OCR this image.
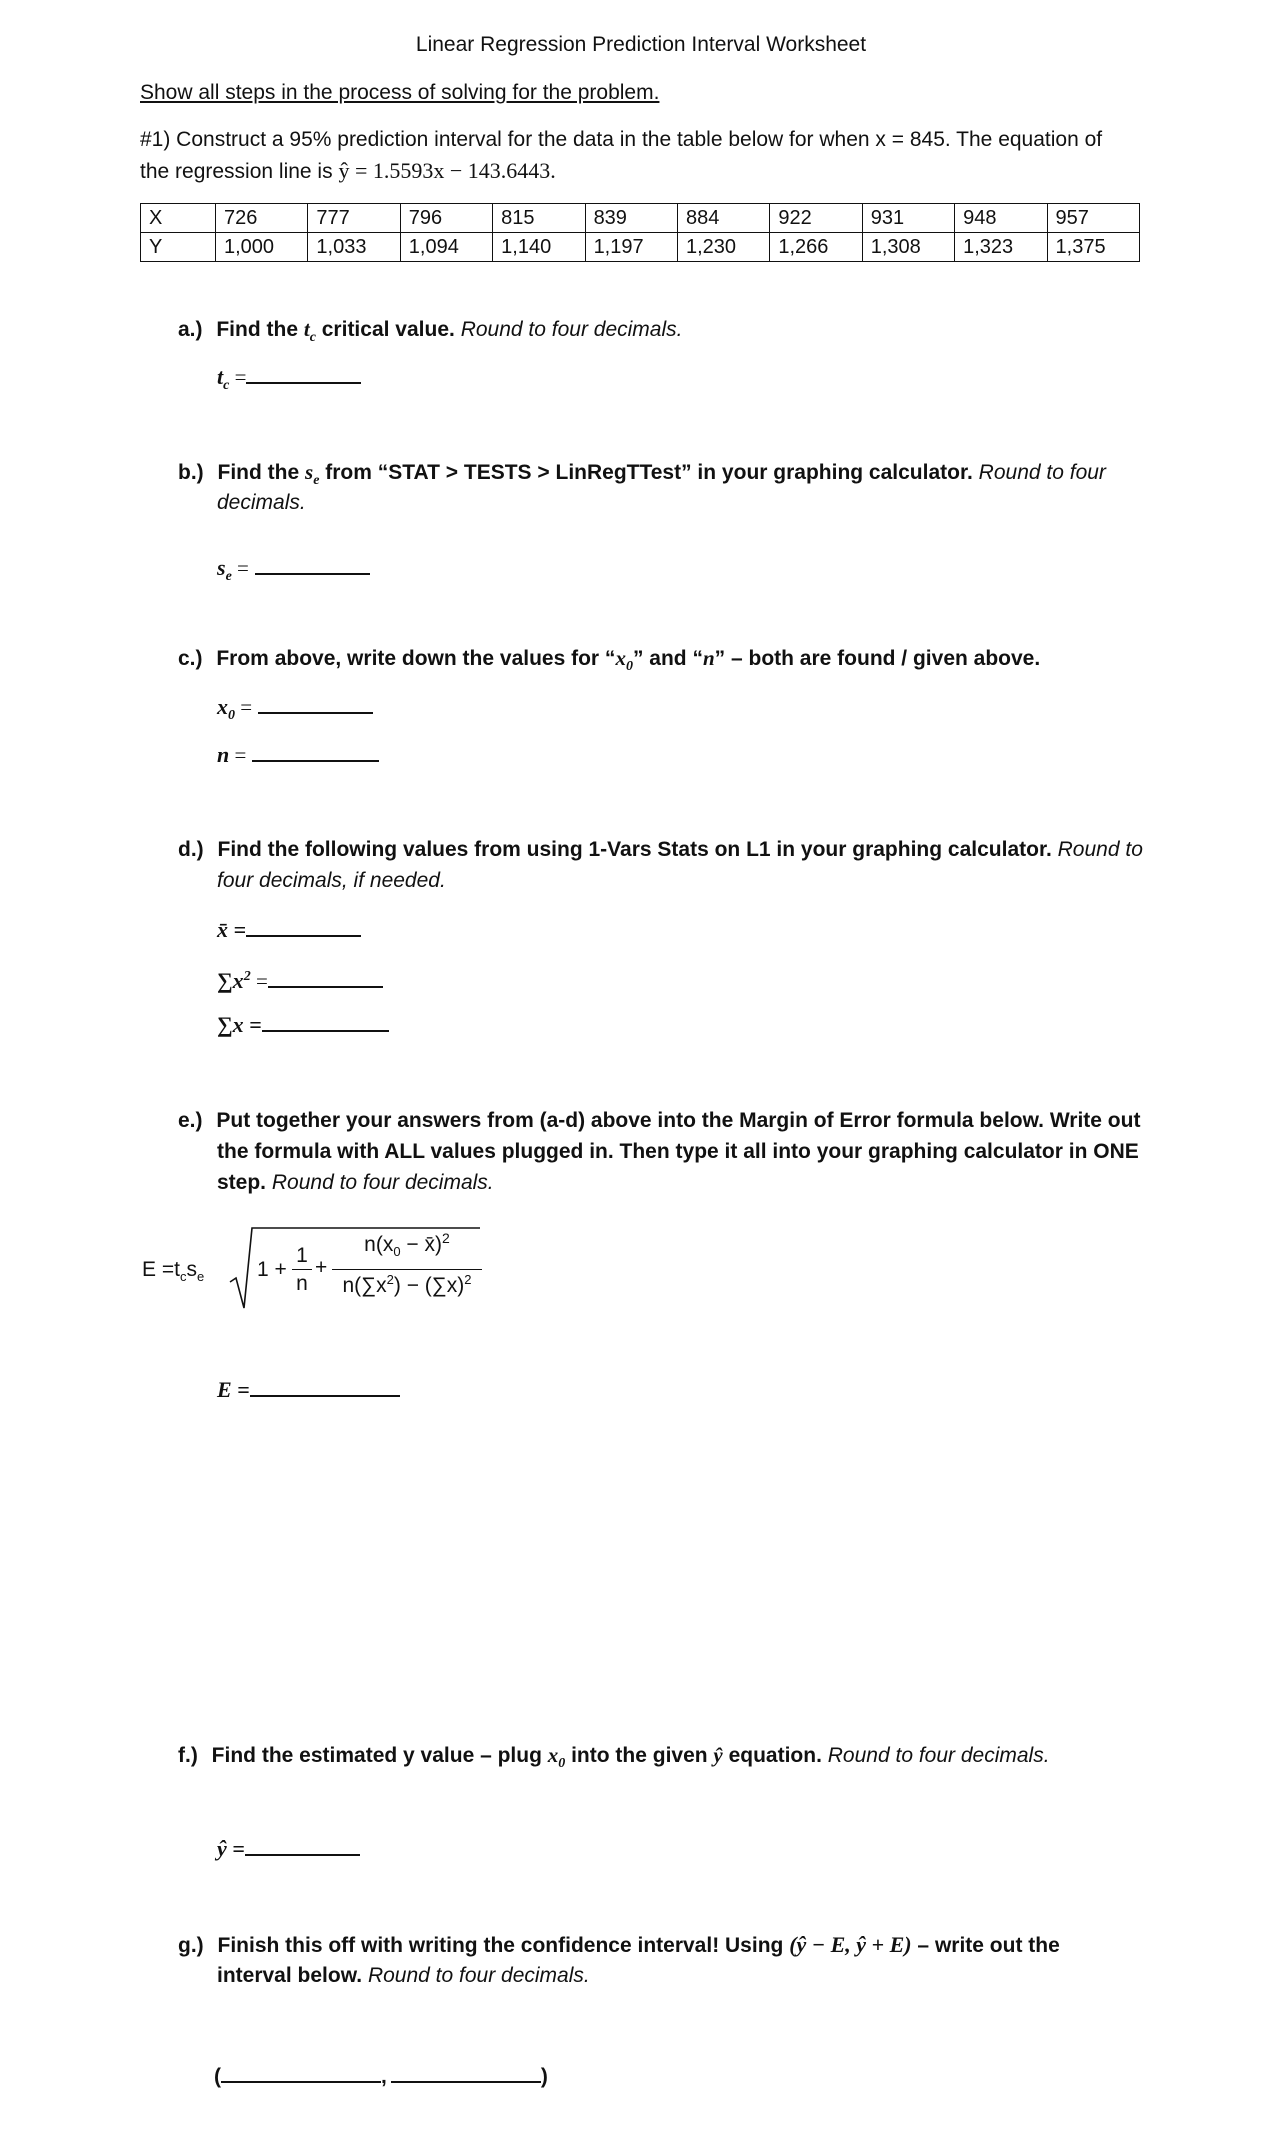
Linear Regression Prediction Interval Worksheet
Show all steps in the process of solving for the problem.
#1) Construct a 95% prediction interval for the data in the table below for when x = 845. The equation of
the regression line is ŷ = 1.5593x − 143.6443.
X	726	777	796	815	839	884	922	931	948	957
Y	1,000	1,033	1,094	1,140	1,197	1,230	1,266	1,308	1,323	1,375
a.) Find the $t_c$ critical value. Round to four decimals.
$t_c$ =
b.) Find the $s_e$ from “STAT > TESTS > LinRegTTest” in your graphing calculator. Round to four
decimals.
$s_e$ =
c.) From above, write down the values for “$x_0$” and “n” – both are found / given above.
$x_0$ =
n =
d.) Find the following values from using 1-Vars Stats on L1 in your graphing calculator. Round to
four decimals, if needed.
x̄ =
$\sum x^2$ =
∑x =
e.) Put together your answers from (a-d) above into the Margin of Error formula below. Write out
the formula with ALL values plugged in. Then type it all into your graphing calculator in ONE
step. Round to four decimals.
$E =t_cs_e$	1 +
1
n
+
$n(x_0$ − x̄)$^2$
$n(\sum x^2) - (\sum x)^2$
E =
f.) Find the estimated y value – plug $x_0$ into the given ŷ equation. Round to four decimals.
ŷ =
g.) Finish this off with writing the confidence interval! Using (ŷ − E, ŷ + E) – write out the
interval below. Round to four decimals.
(	,	)
